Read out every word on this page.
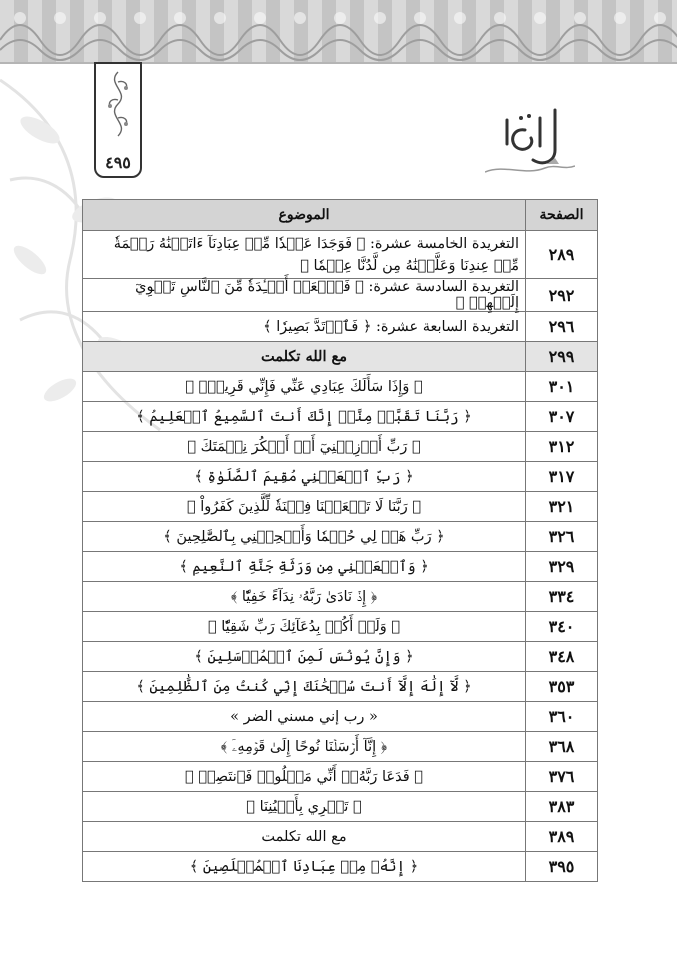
٤٩٥
الصفحة	الموضوع
٢٨٩	التغريدة الخامسة عشرة: ﴿ فَوَجَدَا عَبۡدٗا مِّنۡ عِبَادِنَآ ءَاتَيۡنَٰهُ رَحۡمَةٗ مِّنۡ عِندِنَا وَعَلَّمۡنَٰهُ مِن لَّدُنَّا عِلۡمٗا ﴾
٢٩٢	التغريدة السادسة عشرة: ﴿ فَٱجۡعَلۡ أَفۡـِٔدَةٗ مِّنَ ٱلنَّاسِ تَهۡوِيٓ إِلَيۡهِمۡ ﴾
٢٩٦	التغريدة السابعة عشرة: ﴿ فَٱرۡتَدَّ بَصِيرٗا ﴾
٢٩٩	مع الله تكلمت
٣٠١	﴿ وَإِذَا سَأَلَكَ عِبَادِي عَنِّي فَإِنِّي قَرِيبٌۖ ﴾
٣٠٧	﴿ رَبَّنَا تَقَبَّلۡ مِنَّآۖ إِنَّكَ أَنتَ ٱلسَّمِيعُ ٱلۡعَلِيمُ ﴾
٣١٢	﴿ رَبِّ أَوۡزِعۡنِيٓ أَنۡ أَشۡكُرَ نِعۡمَتَكَ ﴾
٣١٧	﴿ رَبِّ ٱجۡعَلۡنِي مُقِيمَ ٱلصَّلَوٰةِ ﴾
٣٢١	﴿ رَبَّنَا لَا تَجۡعَلۡنَا فِتۡنَةٗ لِّلَّذِينَ كَفَرُواْ ﴾
٣٢٦	﴿ رَبِّ هَبۡ لِي حُكۡمٗا وَأَلۡحِقۡنِي بِٱلصَّٰلِحِينَ ﴾
٣٢٩	﴿ وَٱجۡعَلۡنِي مِن وَرَثَةِ جَنَّةِ ٱلنَّعِيمِ ﴾
٣٣٤	﴿ إِذۡ نَادَىٰ رَبَّهُۥ نِدَآءً خَفِيّٗا ﴾
٣٤٠	﴿ وَلَمۡ أَكُنۢ بِدُعَآئِكَ رَبِّ شَقِيّٗا ﴾
٣٤٨	﴿ وَإِنَّ يُونُسَ لَمِنَ ٱلۡمُرۡسَلِينَ ﴾
٣٥٣	﴿ لَّآ إِلَٰهَ إِلَّآ أَنتَ سُبۡحَٰنَكَ إِنِّي كُنتُ مِنَ ٱلظَّٰلِمِينَ ﴾
٣٦٠	« رب إني مسني الضر »
٣٦٨	﴿ إِنَّآ أَرۡسَلۡنَا نُوحًا إِلَىٰ قَوۡمِهِۦٓ ﴾
٣٧٦	﴿ فَدَعَا رَبَّهُۥٓ أَنِّي مَغۡلُوبٞ فَٱنتَصِرۡ ﴾
٣٨٣	﴿ تَجۡرِي بِأَعۡيُنِنَا ﴾
٣٨٩	مع الله تكلمت
٣٩٥	﴿ إِنَّهُۥ مِنۡ عِبَادِنَا ٱلۡمُخۡلَصِينَ ﴾
